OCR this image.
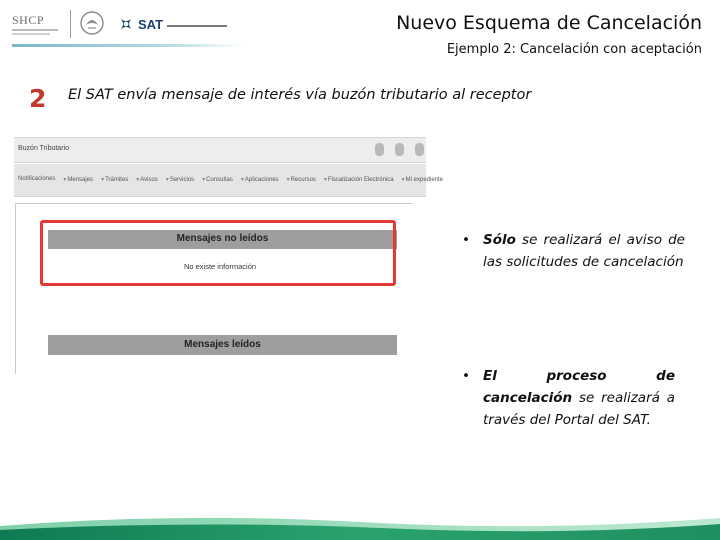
SHCP	SAT	Nuevo Esquema de Cancelación
Ejemplo 2: Cancelación con aceptación
2 El SAT envía mensaje de interés vía buzón tributario al receptor
Buzón Tributario
Notificaciones	▾ Mensajes	▾ Trámites	▾ Avisos	▾ Servicios	▾ Consultas	▾ Aplicaciones	▾ Recursos	▾ Fiscalización Electrónica	▾ Mi expediente
Mensajes no leídos
No existe información
Mensajes leídos
• Sólo se realizará el aviso de las solicitudes de cancelación
• El proceso de cancelación se realizará a través del Portal del SAT.
